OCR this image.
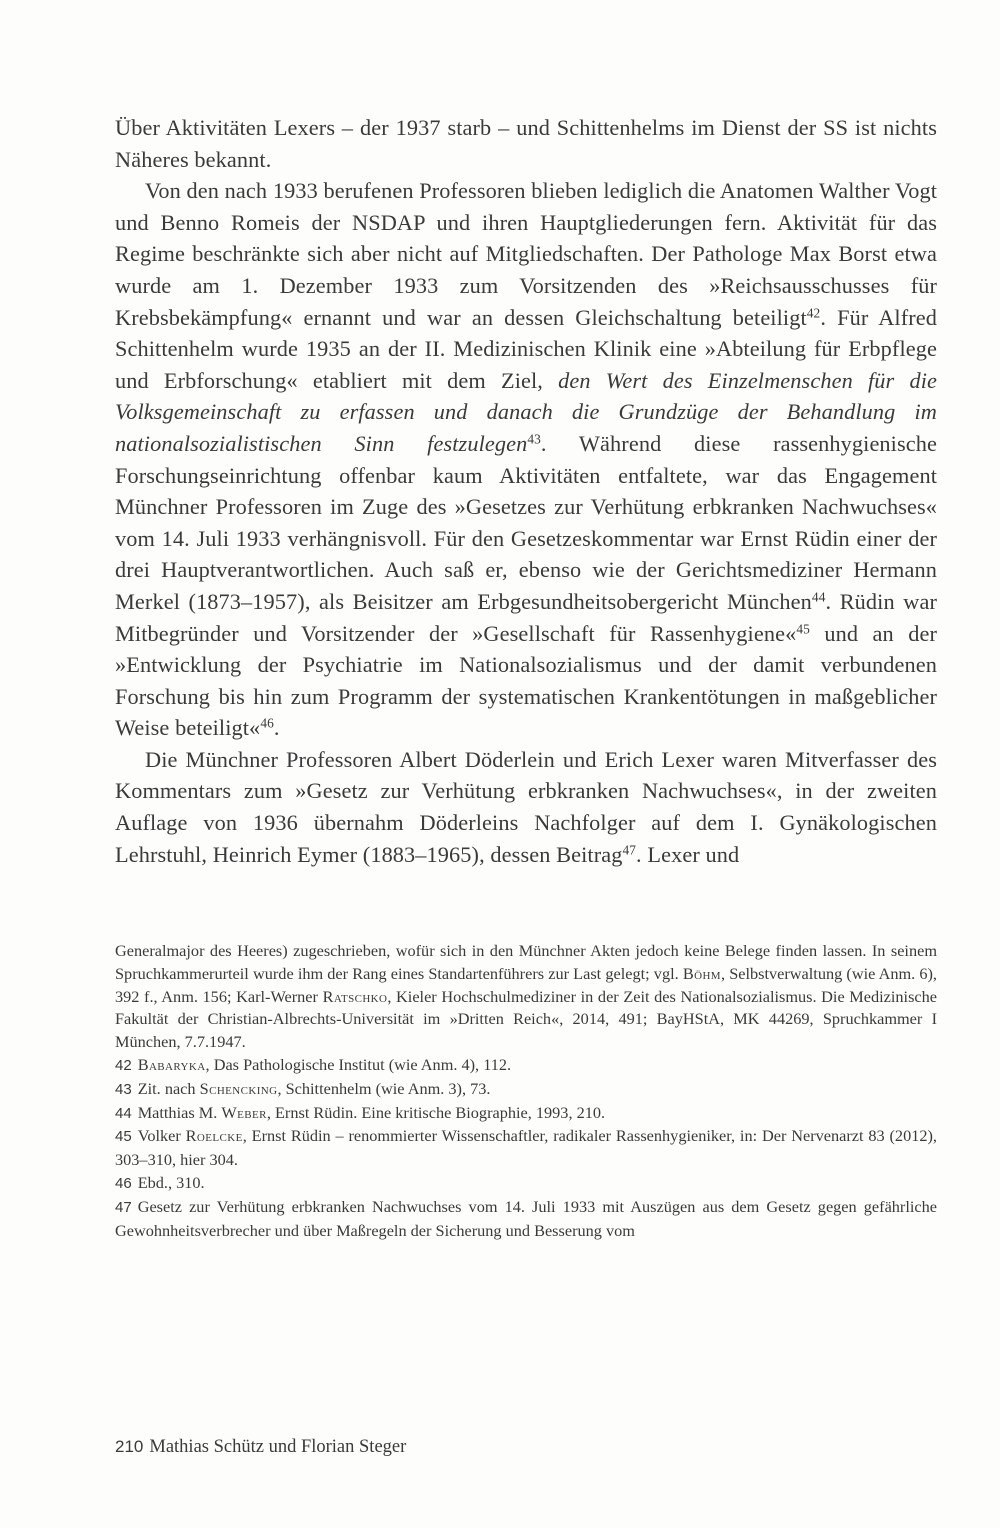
Über Aktivitäten Lexers – der 1937 starb – und Schittenhelms im Dienst der SS ist nichts Näheres bekannt.

Von den nach 1933 berufenen Professoren blieben lediglich die Anatomen Walther Vogt und Benno Romeis der NSDAP und ihren Hauptgliederungen fern. Aktivität für das Regime beschränkte sich aber nicht auf Mitgliedschaften. Der Pathologe Max Borst etwa wurde am 1. Dezember 1933 zum Vorsitzenden des »Reichsausschusses für Krebsbekämpfung« ernannt und war an dessen Gleichschaltung beteiligt$^{42}$. Für Alfred Schittenhelm wurde 1935 an der II. Medizinischen Klinik eine »Abteilung für Erbpflege und Erbforschung« etabliert mit dem Ziel, den Wert des Einzelmenschen für die Volksgemeinschaft zu erfassen und danach die Grundzüge der Behandlung im nationalsozialistischen Sinn festzulegen$^{43}$. Während diese rassenhygienische Forschungseinrichtung offenbar kaum Aktivitäten entfaltete, war das Engagement Münchner Professoren im Zuge des »Gesetzes zur Verhütung erbkranken Nachwuchses« vom 14. Juli 1933 verhängnisvoll. Für den Gesetzeskommentar war Ernst Rüdin einer der drei Hauptverantwortlichen. Auch saß er, ebenso wie der Gerichtsmediziner Hermann Merkel (1873–1957), als Beisitzer am Erbgesundheitsobergericht München$^{44}$. Rüdin war Mitbegründer und Vorsitzender der »Gesellschaft für Rassenhygiene«$^{45}$ und an der »Entwicklung der Psychiatrie im Nationalsozialismus und der damit verbundenen Forschung bis hin zum Programm der systematischen Krankentötungen in maßgeblicher Weise beteiligt«$^{46}$.

Die Münchner Professoren Albert Döderlein und Erich Lexer waren Mitverfasser des Kommentars zum »Gesetz zur Verhütung erbkranken Nachwuchses«, in der zweiten Auflage von 1936 übernahm Döderleins Nachfolger auf dem I. Gynäkologischen Lehrstuhl, Heinrich Eymer (1883–1965), dessen Beitrag$^{47}$. Lexer und

Generalmajor des Heeres) zugeschrieben, wofür sich in den Münchner Akten jedoch keine Belege finden lassen. In seinem Spruchkammerurteil wurde ihm der Rang eines Standartenführers zur Last gelegt; vgl. Böhm, Selbstverwaltung (wie Anm. 6), 392 f., Anm. 156; Karl-Werner Ratschko, Kieler Hochschulmediziner in der Zeit des Nationalsozialismus. Die Medizinische Fakultät der Christian-Albrechts-Universität im »Dritten Reich«, 2014, 491; BayHStA, MK 44269, Spruchkammer I München, 7.7.1947.

42 Babaryka, Das Pathologische Institut (wie Anm. 4), 112.

43 Zit. nach Schencking, Schittenhelm (wie Anm. 3), 73.

44 Matthias M. Weber, Ernst Rüdin. Eine kritische Biographie, 1993, 210.

45 Volker Roelcke, Ernst Rüdin – renommierter Wissenschaftler, radikaler Rassenhygieniker, in: Der Nervenarzt 83 (2012), 303–310, hier 304.

46 Ebd., 310.

47 Gesetz zur Verhütung erbkranken Nachwuchses vom 14. Juli 1933 mit Auszügen aus dem Gesetz gegen gefährliche Gewohnheitsverbrecher und über Maßregeln der Sicherung und Besserung vom

210 Mathias Schütz und Florian Steger
